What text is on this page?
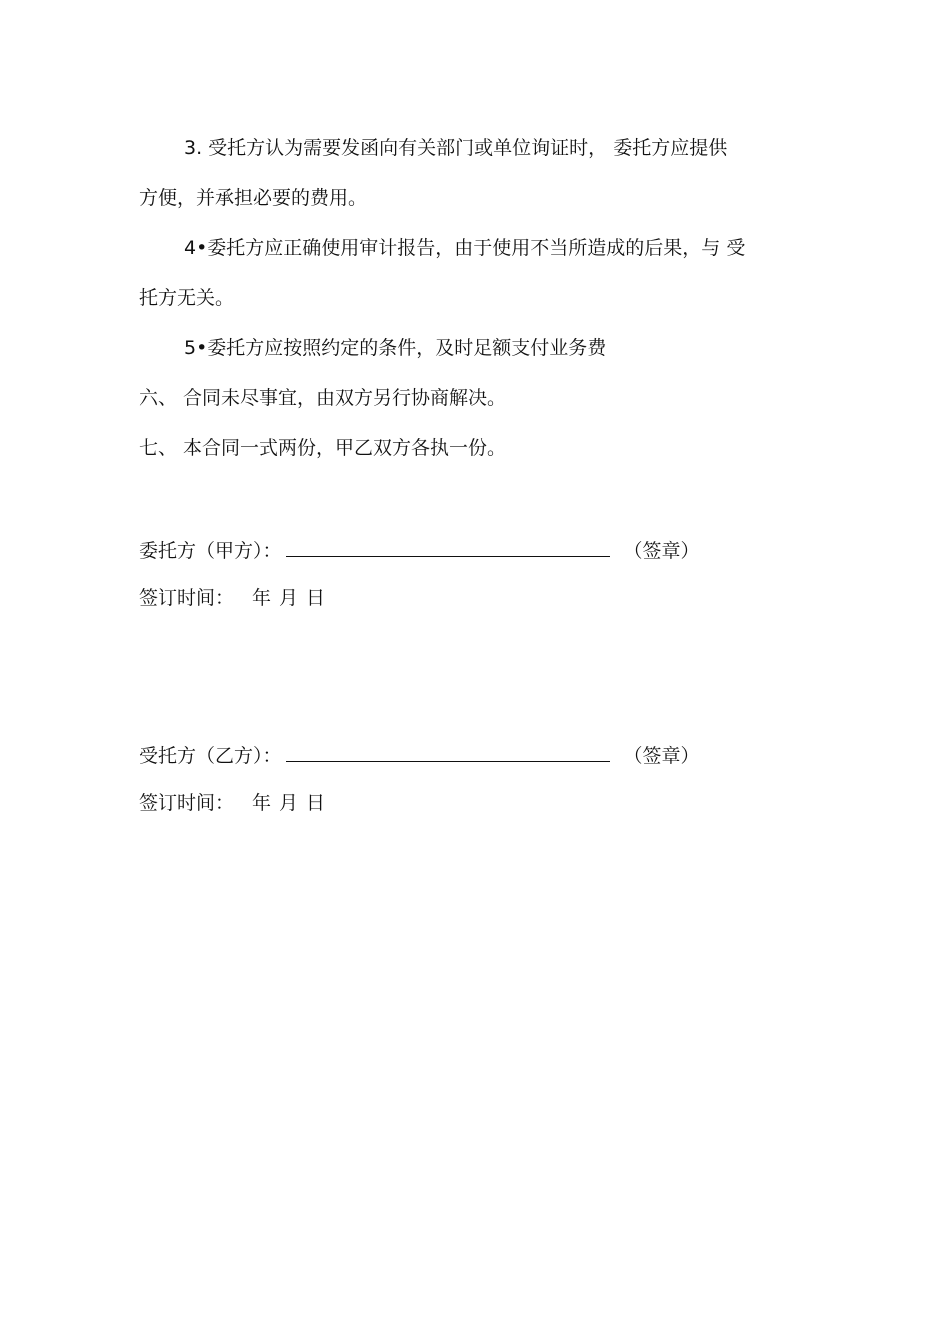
3. 受托方认为需要发函向有关部门或单位询证时， 委托方应提供
方便，并承担必要的费用。
4•委托方应正确使用审计报告，由于使用不当所造成的后果，与 受
托方无关。
5•委托方应按照约定的条件，及时足额支付业务费
六、 合同未尽事宜，由双方另行协商解决。
七、 本合同一式两份，甲乙双方各执一份。
委托方（甲方）：	（签章）
签订时间： 年 月 日
受托方（乙方）：	（签章）
签订时间： 年 月 日
